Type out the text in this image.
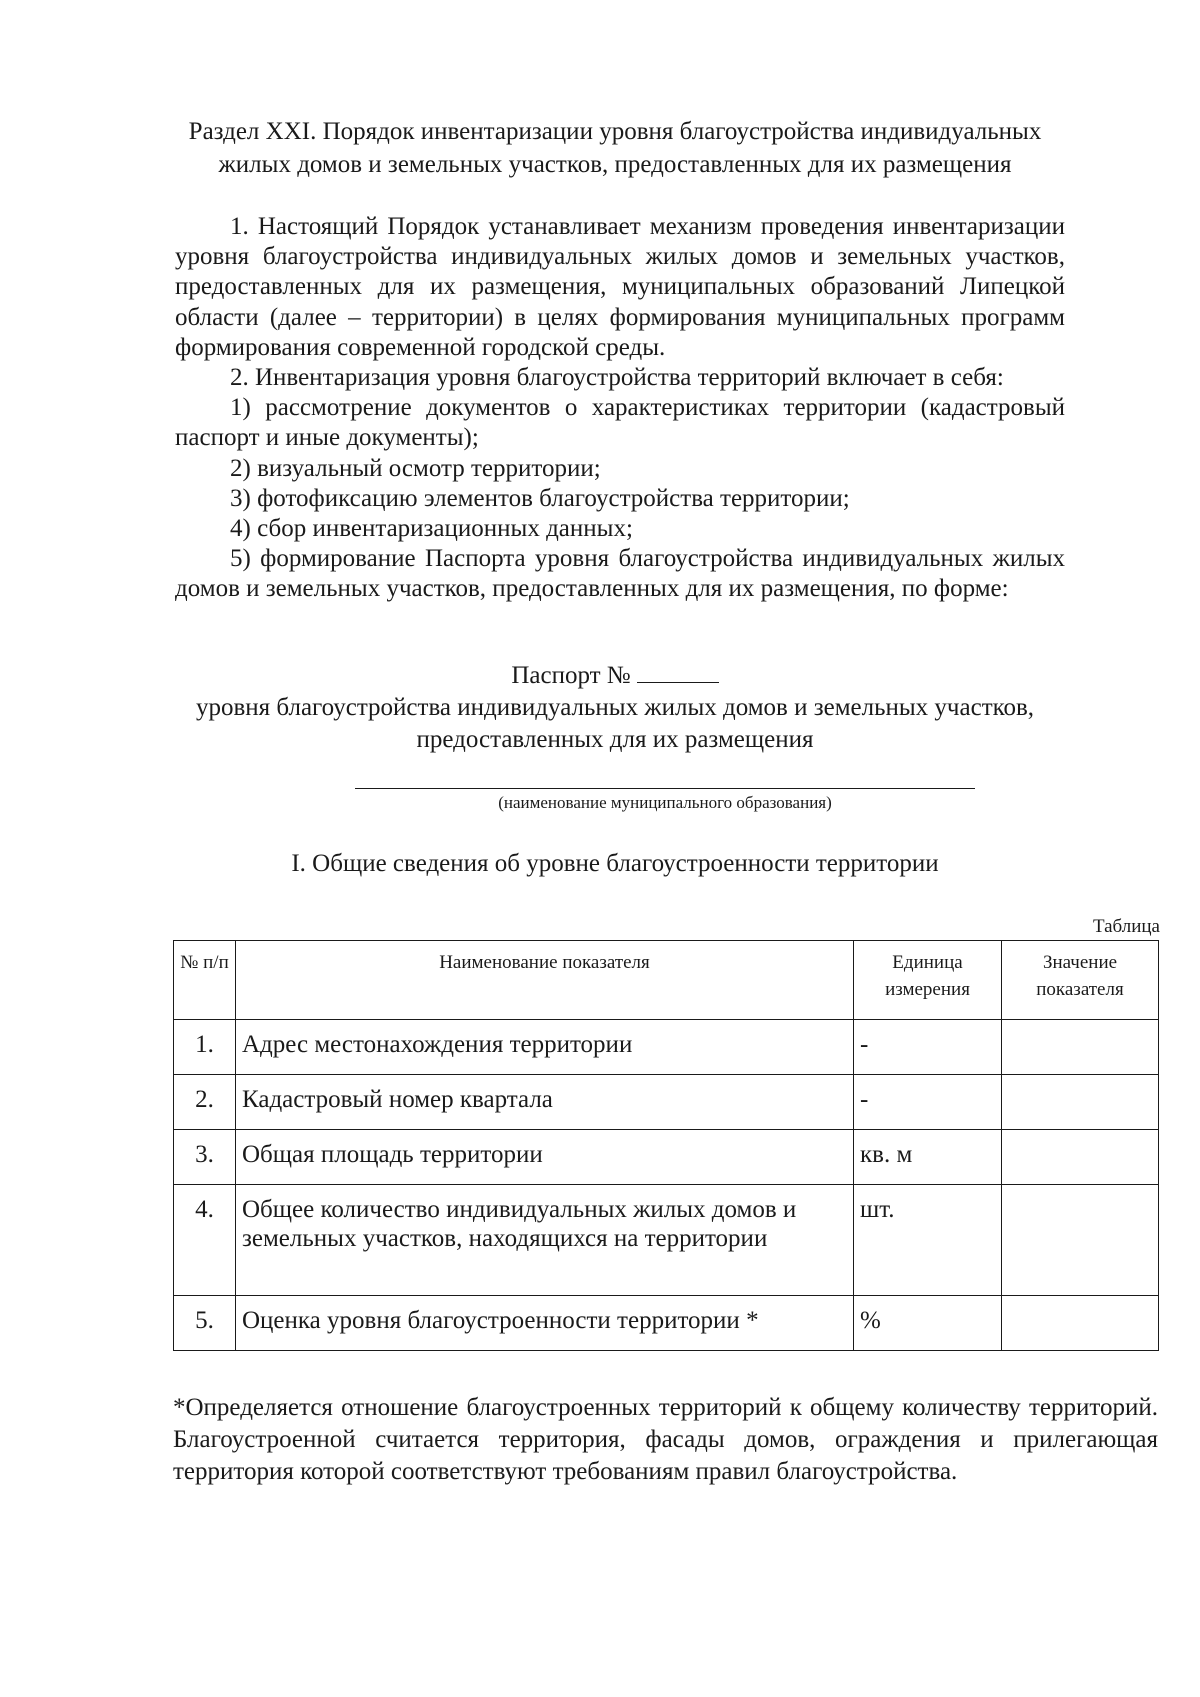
Раздел XXI. Порядок инвентаризации уровня благоустройства индивидуальных
жилых домов и земельных участков, предоставленных для их размещения

1. Настоящий Порядок устанавливает механизм проведения инвентаризации уровня благоустройства индивидуальных жилых домов и земельных участков, предоставленных для их размещения, муниципальных образований Липецкой области (далее – территории) в целях формирования муниципальных программ формирования современной городской среды.

2. Инвентаризация уровня благоустройства территорий включает в себя:

1) рассмотрение документов о характеристиках территории (кадастровый паспорт и иные документы);

2) визуальный осмотр территории;

3) фотофиксацию элементов благоустройства территории;

4) сбор инвентаризационных данных;

5) формирование Паспорта уровня благоустройства индивидуальных жилых домов и земельных участков, предоставленных для их размещения, по форме:

Паспорт №
уровня благоустройства индивидуальных жилых домов и земельных участков,
предоставленных для их размещения
(наименование муниципального образования)
I. Общие сведения об уровне благоустроенности территории
Таблица
№ п/п	Наименование показателя	Единица измерения	Значение показателя
1.	Адрес местонахождения территории	-	
2.	Кадастровый номер квартала	-	
3.	Общая площадь территории	кв. м	
4.	Общее количество индивидуальных жилых домов и земельных участков, находящихся на территории	шт.	
5.	Оценка уровня благоустроенности территории *	%	
*Определяется отношение благоустроенных территорий к общему количеству территорий. Благоустроенной считается территория, фасады домов, ограждения и прилегающая территория которой соответствуют требованиям правил благоустройства.
